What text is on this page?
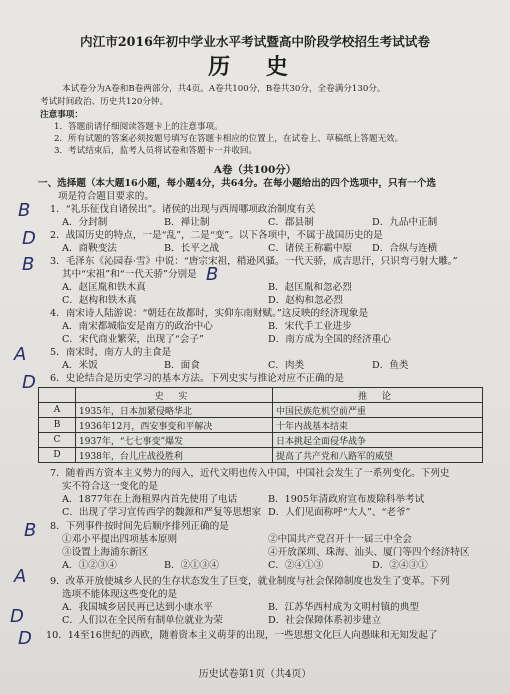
内江市2016年初中学业水平考试暨高中阶段学校招生考试试卷
历 史
本试卷分为A卷和B卷两部分，共4页。A卷共100分，B卷共30分，全卷满分130分。
考试时间政治、历史共120分钟。
注意事项：
1．答题前请仔细阅读答题卡上的注意事项。
2．所有试题的答案必须按题号填写在答题卡相应的位置上，在试卷上、草稿纸上答题无效。
3．考试结束后，监考人员将试卷和答题卡一并收回。
A卷（共100分）
一、选择题（本大题16小题，每小题4分，共64分。在每小题给出的四个选项中，只有一个选
项是符合题目要求的。
1．“礼乐征伐自诸侯出”。诸侯的出现与西周哪项政治制度有关
A．分封制	B．禅让制	C．郡县制	D．九品中正制
2．战国历史的特点，一是“乱”，二是“变”。以下各项中，不属于战国历史的是
A．商鞅变法	B．长平之战	C．诸侯王称霸中原 D．合纵与连横
3．毛泽东《沁园春·雪》中说：“唐宗宋祖，稍逊风骚。一代天骄，成吉思汗，只识弯弓射大雕。”
其中“宋祖”和“一代天骄”分别是
A．赵匡胤和铁木真	B．赵匡胤和忽必烈
C．赵构和铁木真	D．赵构和忽必烈
4．南宋诗人陆游说：“朝廷在故都时，实仰东南财赋。”这反映的经济现象是
A．南宋都城临安是南方的政治中心	B．宋代手工业进步
C．宋代商业繁荣，出现了“会子”	D．南方成为全国的经济重心
5．南宋时，南方人的主食是
A．米饭	B．面食	C．肉类	D．鱼类
6．史论结合是历史学习的基本方法。下列史实与推论对应不正确的是
	史 实	推 论
A	1935年，日本加紧侵略华北	中国民族危机空前严重
B	1936年12月，西安事变和平解决	十年内战基本结束
C	1937年，“七七事变”爆发	日本挑起全面侵华战争
D	1938年，台儿庄战役胜利	提高了共产党和八路军的威望
7．随着西方资本主义势力的闯入，近代文明也传入中国，中国社会发生了一系列变化。下列史
实不符合这一变化的是
A．1877年在上海租界内首先使用了电话	B．1905年清政府宣布废除科举考试
C．出现了学习宣传西学的魏源和严复等思想家 D．人们见面称呼“大人”、“老爷”
8．下列事件按时间先后顺序排列正确的是
①邓小平提出四项基本原则	②中国共产党召开十一届三中全会
③设置上海浦东新区	④开放深圳、珠海、汕头、厦门等四个经济特区
A．①②③④	B．②①③④	C．②④①③	D．②④③①
9．改革开放使城乡人民的生存状态发生了巨变，就业制度与社会保障制度也发生了变革。下列
选项不能体现这些变化的是
A．我国城乡居民再已达到小康水平	B．江苏华西村成为文明村镇的典型
C．人们以在全民所有制单位就业为荣	D．社会保障体系初步建立
10．14至16世纪的西欧，随着资本主义萌芽的出现，一些思想文化巨人向愚昧和无知发起了
B
D
B	B
A
D
B
A
D
D
历史试卷第1页（共4页）
